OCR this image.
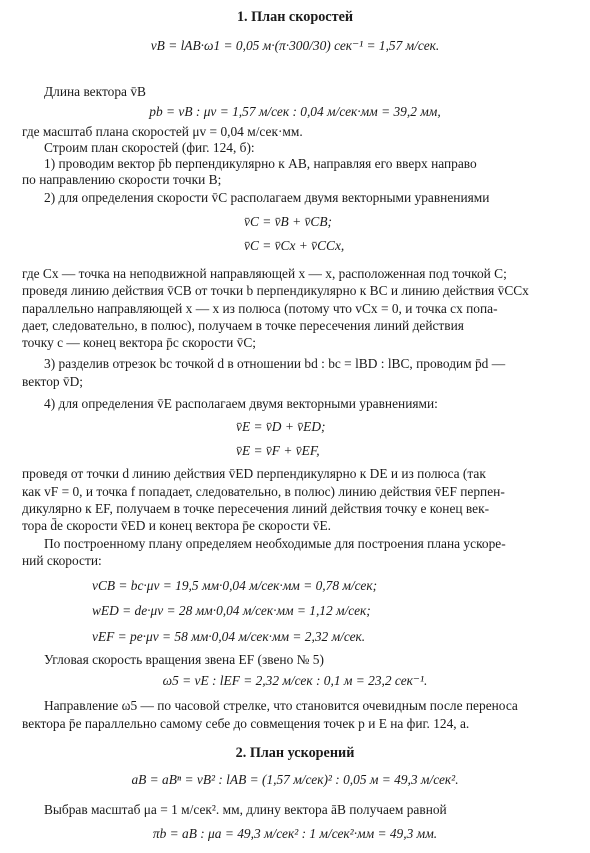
1. План скоростей
vB = lAB·ω1 = 0,05 м·(π·300/30) сек⁻¹ = 1,57 м/сек.
Длина вектора v̄B
pb = vB : μv = 1,57 м/сек : 0,04 м/сек·мм = 39,2 мм,
где масштаб плана скоростей μv = 0,04 м/сек·мм.
Строим план скоростей (фиг. 124, б):
1) проводим вектор p̄b перпендикулярно к AB, направляя его вверх направо
по направлению скорости точки B;
2) для определения скорости v̄C располагаем двумя векторными уравнениями
v̄C = v̄B + v̄CB;
v̄C = v̄Cx + v̄CCx,
где Cx — точка на неподвижной направляющей x — x, расположенная под точкой C;
проведя линию действия v̄CB от точки b перпендикулярно к BC и линию действия v̄CCx
параллельно направляющей x — x из полюса (потому что vCx = 0, и точка cx попа-
дает, следовательно, в полюс), получаем в точке пересечения линий действия
точку c — конец вектора p̄c скорости v̄C;
3) разделив отрезок bc точкой d в отношении bd : bc = lBD : lBC, проводим p̄d —
вектор v̄D;
4) для определения v̄E располагаем двумя векторными уравнениями:
v̄E = v̄D + v̄ED;
v̄E = v̄F + v̄EF,
проведя от точки d линию действия v̄ED перпендикулярно к DE и из полюса (так
как vF = 0, и точка f попадает, следовательно, в полюс) линию действия v̄EF перпен-
дикулярно к EF, получаем в точке пересечения линий действия точку e конец век-
тора d̄e скорости v̄ED и конец вектора p̄e скорости v̄E.
По построенному плану определяем необходимые для построения плана ускоре-
ний скорости:
vCB = bc·μv = 19,5 мм·0,04 м/сек·мм = 0,78 м/сек;
wED = de·μv = 28 мм·0,04 м/сек·мм = 1,12 м/сек;
vEF = pe·μv = 58 мм·0,04 м/сек·мм = 2,32 м/сек.
Угловая скорость вращения звена EF (звено № 5)
ω5 = vE : lEF = 2,32 м/сек : 0,1 м = 23,2 сек⁻¹.
Направление ω5 — по часовой стрелке, что становится очевидным после переноса
вектора p̄e параллельно самому себе до совмещения точек p и E на фиг. 124, а.
2. План ускорений
aB = aBⁿ = vB² : lAB = (1,57 м/сек)² : 0,05 м = 49,3 м/сек².
Выбрав масштаб μa = 1 м/сек². мм, длину вектора āB получаем равной
πb = aB : μa = 49,3 м/сек² : 1 м/сек²·мм = 49,3 мм.
